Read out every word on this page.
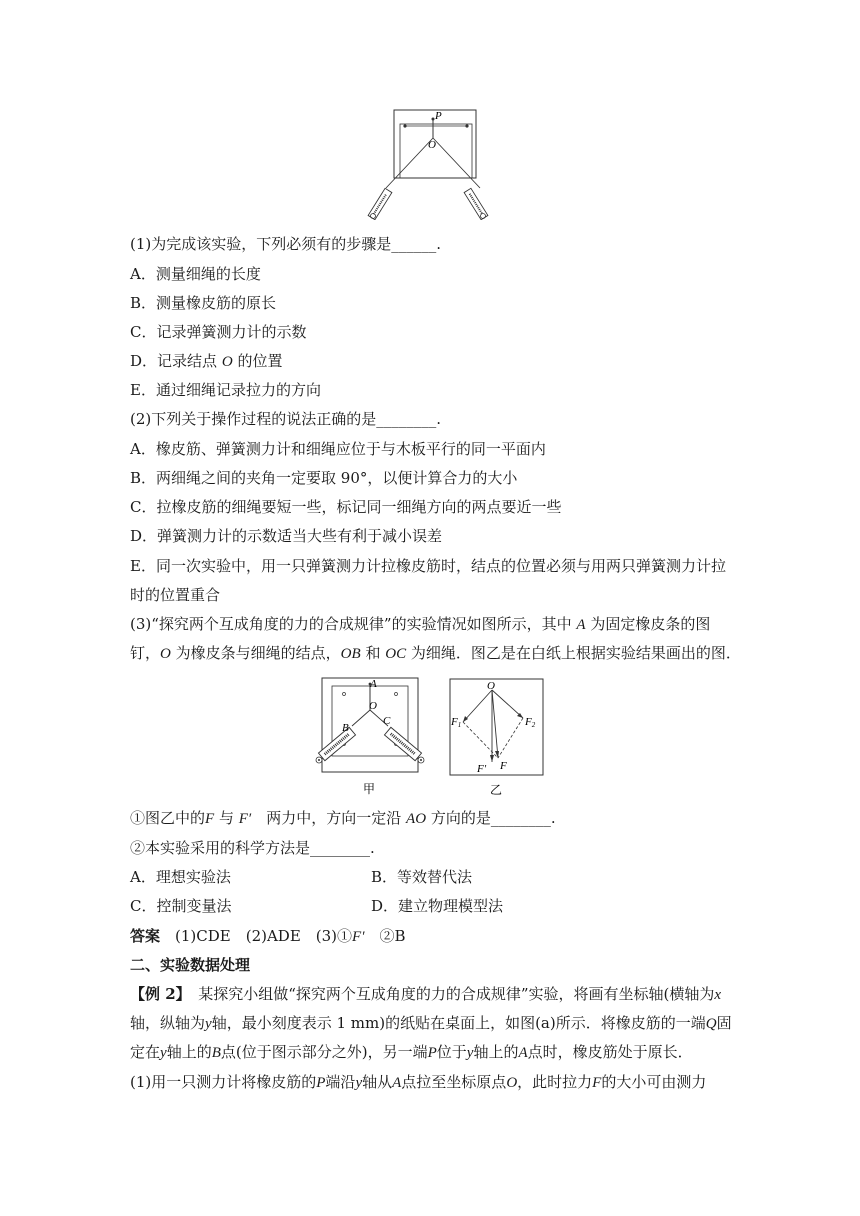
P
O
(1)为完成该实验，下列必须有的步骤是______.
A．测量细绳的长度
B．测量橡皮筋的原长
C．记录弹簧测力计的示数
D．记录结点 O 的位置
E．通过细绳记录拉力的方向
(2)下列关于操作过程的说法正确的是________.
A．橡皮筋、弹簧测力计和细绳应位于与木板平行的同一平面内
B．两细绳之间的夹角一定要取 90°，以便计算合力的大小
C．拉橡皮筋的细绳要短一些，标记同一细绳方向的两点要近一些
D．弹簧测力计的示数适当大些有利于减小误差
E．同一次实验中，用一只弹簧测力计拉橡皮筋时，结点的位置必须与用两只弹簧测力计拉
时的位置重合
(3)“探究两个互成角度的力的合成规律”的实验情况如图所示，其中 A 为固定橡皮条的图
钉，O 为橡皮条与细绳的结点，OB 和 OC 为细绳．图乙是在白纸上根据实验结果画出的图．
A
O
B
C
甲
O
F1	F2
F′ F
乙
①图乙中的F 与 F′　 两力中，方向一定沿 AO 方向的是________.
②本实验采用的科学方法是________.
A．理想实验法	B．等效替代法
C．控制变量法	D．建立物理模型法
答案　 (1)CDE　(2)ADE　(3)①F′　②B
二、实验数据处理
【例 2】　 某探究小组做“探究两个互成角度的力的合成规律”实验，将画有坐标轴(横轴为x
轴，纵轴为y轴，最小刻度表示 1 mm)的纸贴在桌面上，如图(a)所示．将橡皮筋的一端Q固
定在y轴上的B点(位于图示部分之外)，另一端P位于y轴上的A点时，橡皮筋处于原长．
(1)用一只测力计将橡皮筋的P端沿y轴从A点拉至坐标原点O，此时拉力F的大小可由测力
